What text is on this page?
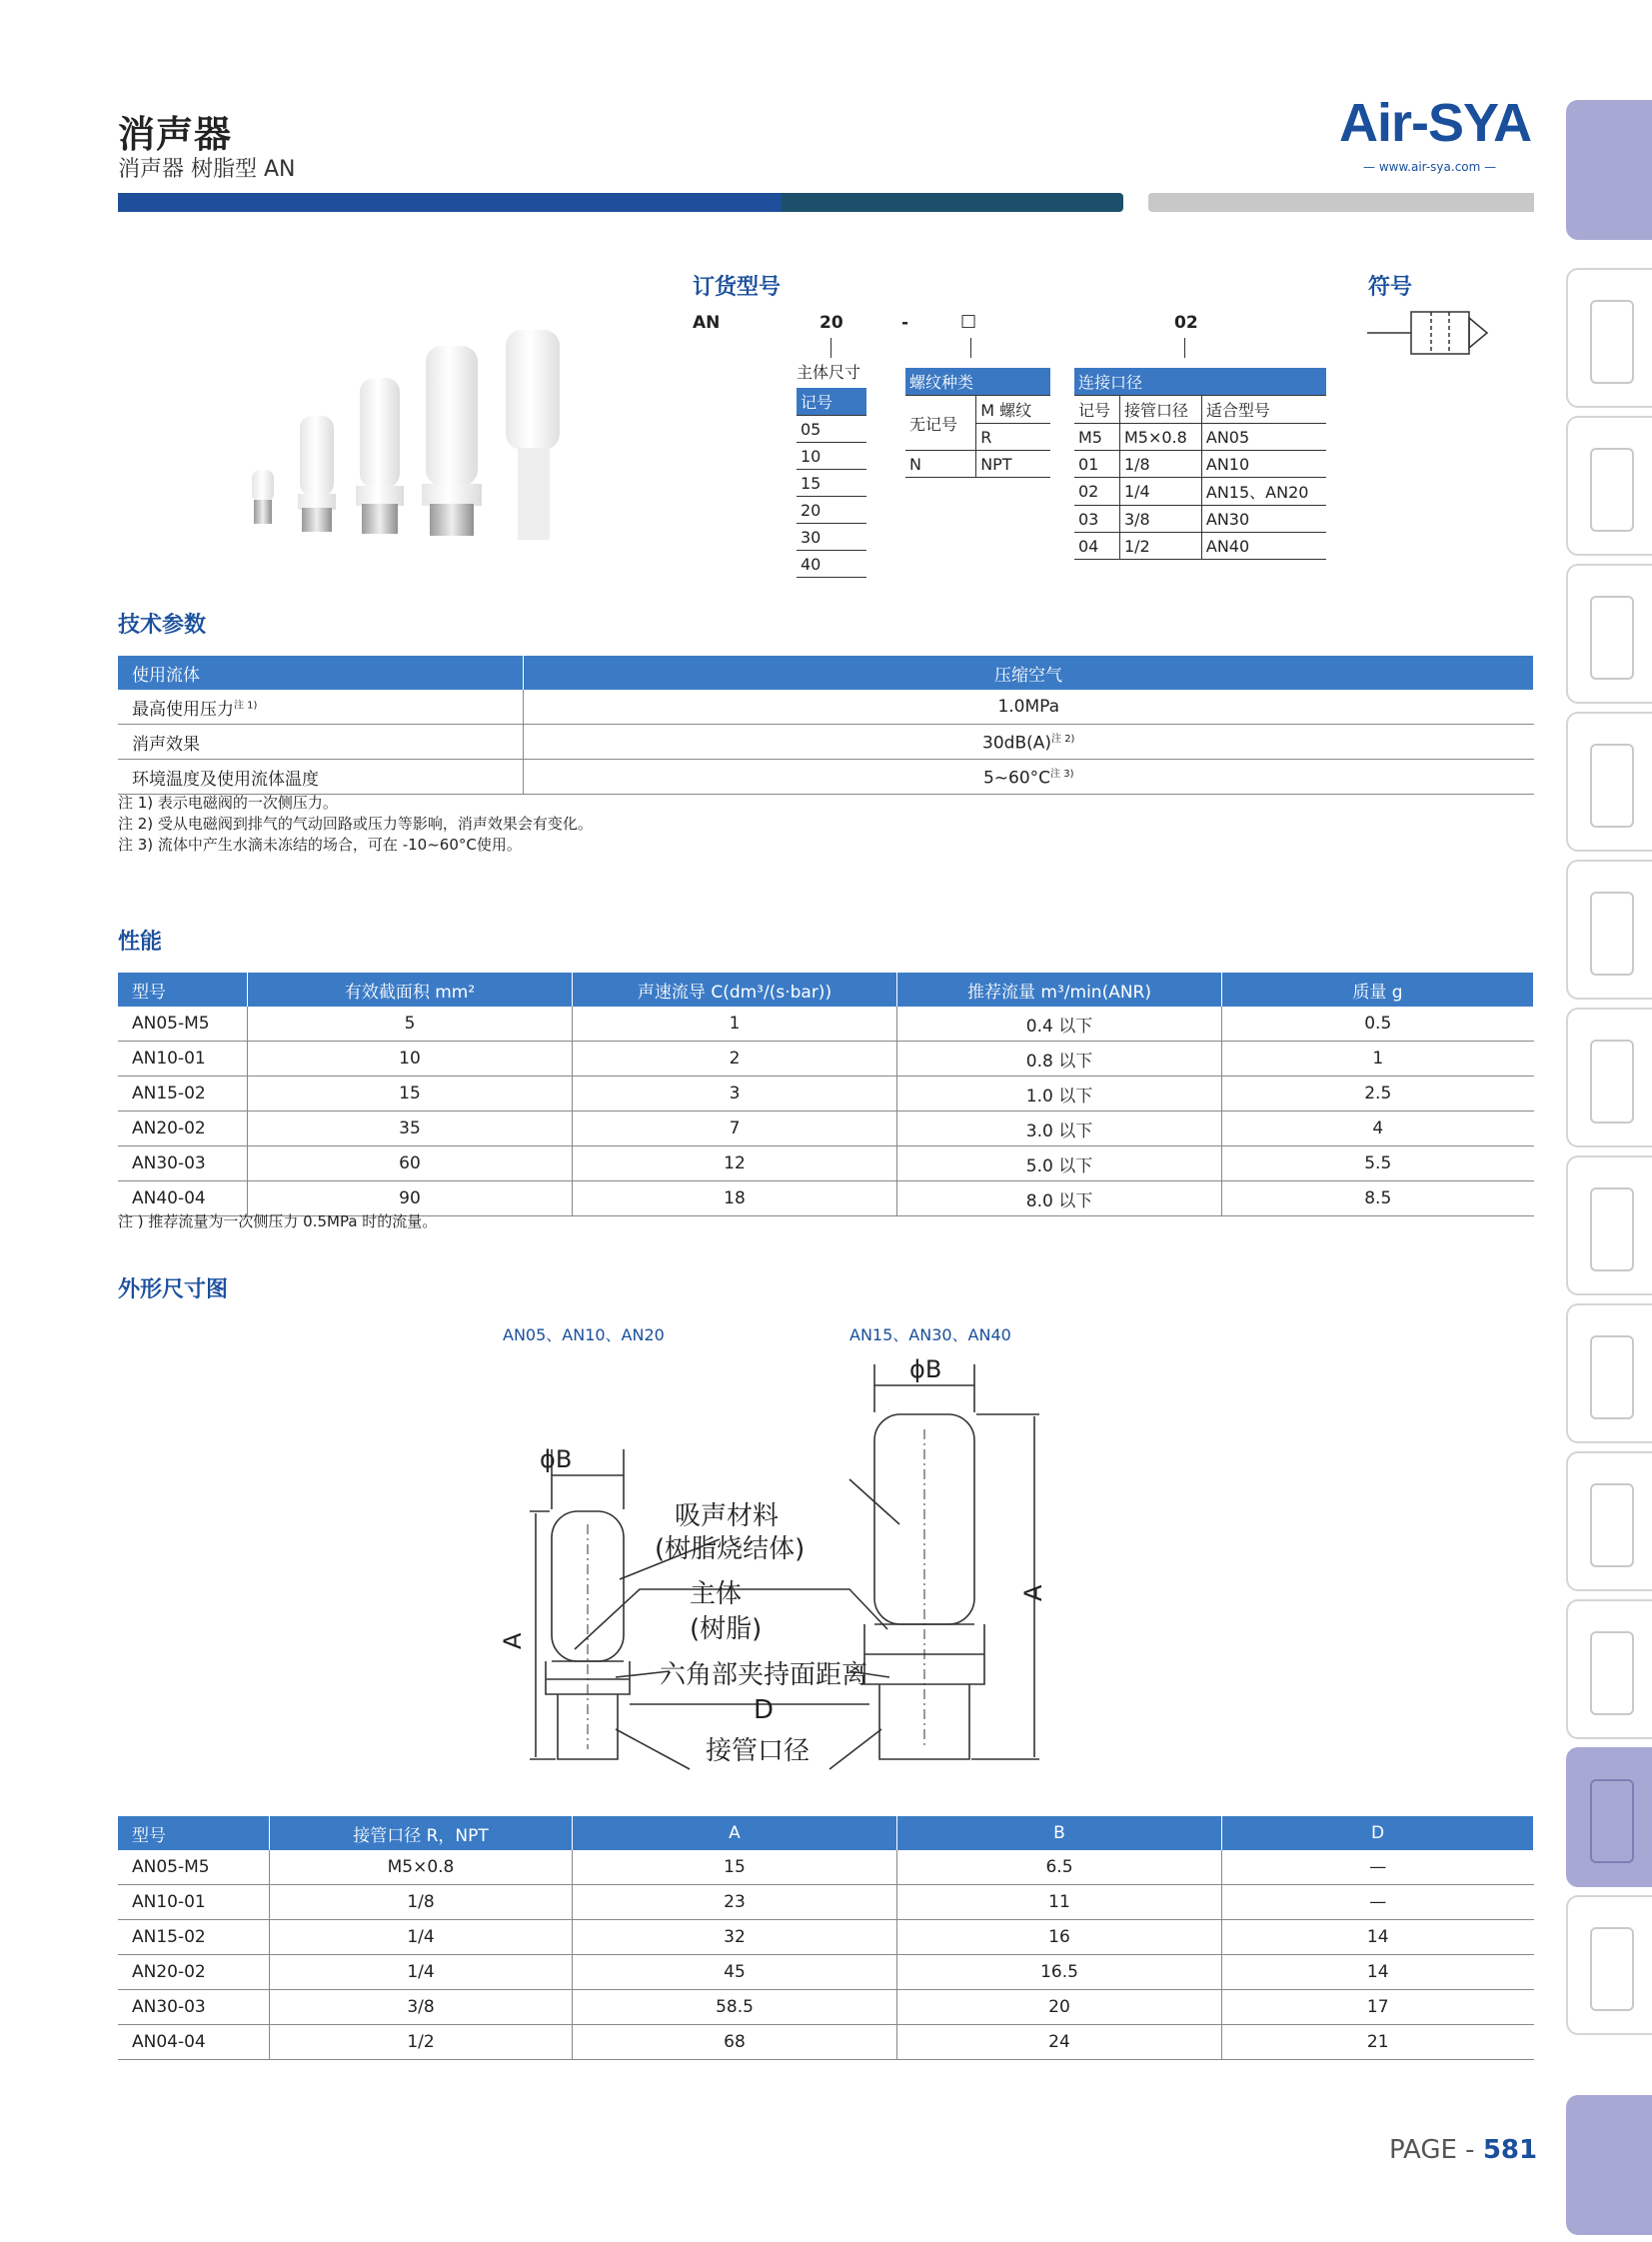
消声器
消声器 树脂型 AN
Air-SYA
— www.air-sya.com —
订货型号	符号
AN	20	-	□	02
主体尺寸
记号
05
10
15
20
30
40
螺纹种类	
无记号	M 螺纹
	R
N	NPT
连接口径		
记号	接管口径	适合型号
M5	M5×0.8	AN05
01	1/8	AN10
02	1/4	AN15、AN20
03	3/8	AN30
04	1/2	AN40
技术参数
使用流体	压缩空气
最高使用压力$^{注 1)}$	1.0MPa
消声效果	$30dB(A)^{注 2)}$
环境温度及使用流体温度	$5\sim 60^\circ C^{注 3)}$
注 1) 表示电磁阀的一次侧压力。
注 2) 受从电磁阀到排气的气动回路或压力等影响，消声效果会有变化。
注 3) 流体中产生水滴未冻结的场合，可在 -10~60°C使用。
性能
型号	有效截面积 mm²	声速流导 C(dm³/(s·bar))	推荐流量 m³/min(ANR)	质量 g
AN05-M5	5	1	0.4 以下	0.5
AN10-01	10	2	0.8 以下	1
AN15-02	15	3	1.0 以下	2.5
AN20-02	35	7	3.0 以下	4
AN30-03	60	12	5.0 以下	5.5
AN40-04	90	18	8.0 以下	8.5
注 ) 推荐流量为一次侧压力 0.5MPa 时的流量。
外形尺寸图
AN05、AN10、AN20	AN15、AN30、AN40
ϕB
ϕB
A
A
吸声材料
(树脂烧结体)
主体
(树脂)
六角部夹持面距离
D
接管口径
型号	接管口径 R，NPT	A	B	D
AN05-M5	M5×0.8	15	6.5	—
AN10-01	1/8	23	11	—
AN15-02	1/4	32	16	14
AN20-02	1/4	45	16.5	14
AN30-03	3/8	58.5	20	17
AN04-04	1/2	68	24	21
PAGE - 581
